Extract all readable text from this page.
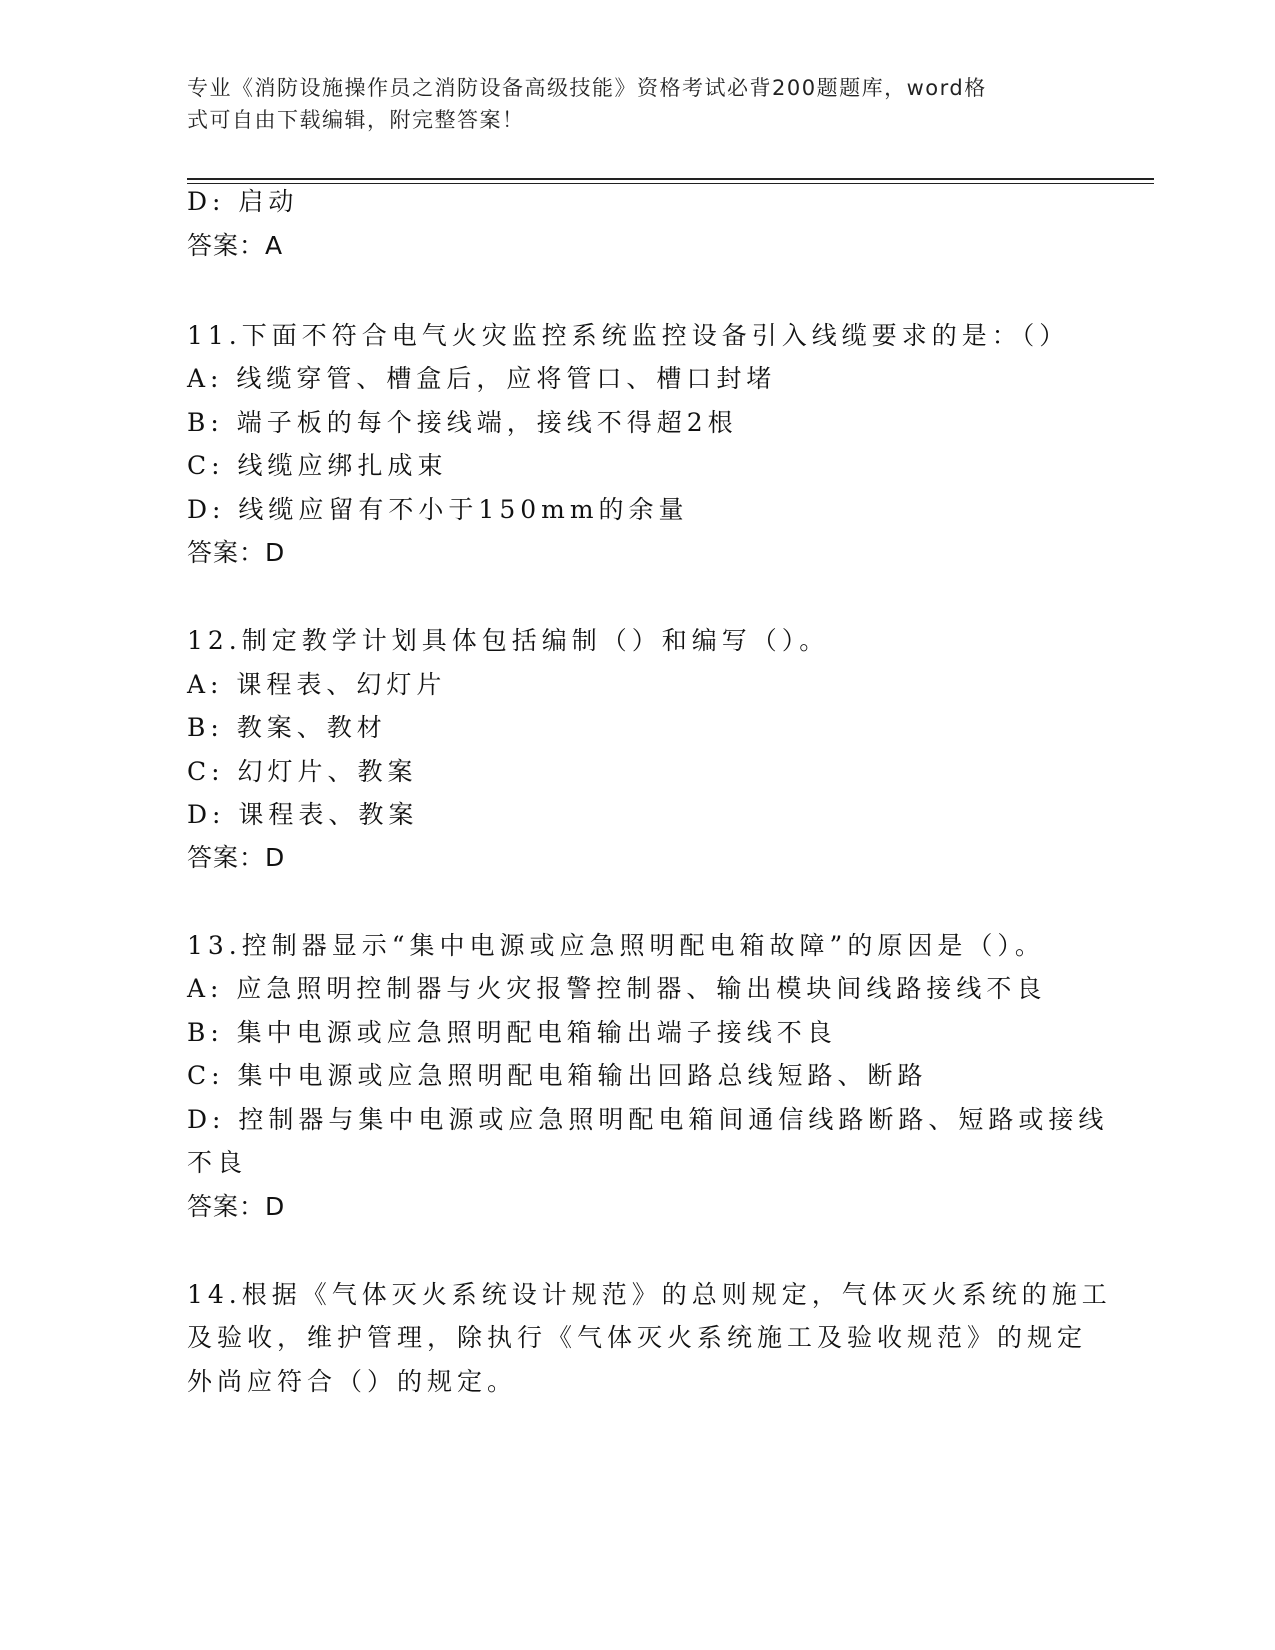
专业《消防设施操作员之消防设备高级技能》资格考试必背200题题库，word格
式可自由下载编辑，附完整答案！
D: 启动
答案：A
11.下面不符合电气火灾监控系统监控设备引入线缆要求的是：（）
A: 线缆穿管、槽盒后，应将管口、槽口封堵
B: 端子板的每个接线端，接线不得超2根
C: 线缆应绑扎成束
D: 线缆应留有不小于150mm的余量
答案：D
12.制定教学计划具体包括编制（）和编写（）。
A: 课程表、幻灯片
B: 教案、教材
C: 幻灯片、教案
D: 课程表、教案
答案：D
13.控制器显示“集中电源或应急照明配电箱故障”的原因是（）。
A: 应急照明控制器与火灾报警控制器、输出模块间线路接线不良
B: 集中电源或应急照明配电箱输出端子接线不良
C: 集中电源或应急照明配电箱输出回路总线短路、断路
D: 控制器与集中电源或应急照明配电箱间通信线路断路、短路或接线
不良
答案：D
14.根据《气体灭火系统设计规范》的总则规定，气体灭火系统的施工
及验收，维护管理，除执行《气体灭火系统施工及验收规范》的规定
外尚应符合（）的规定。
